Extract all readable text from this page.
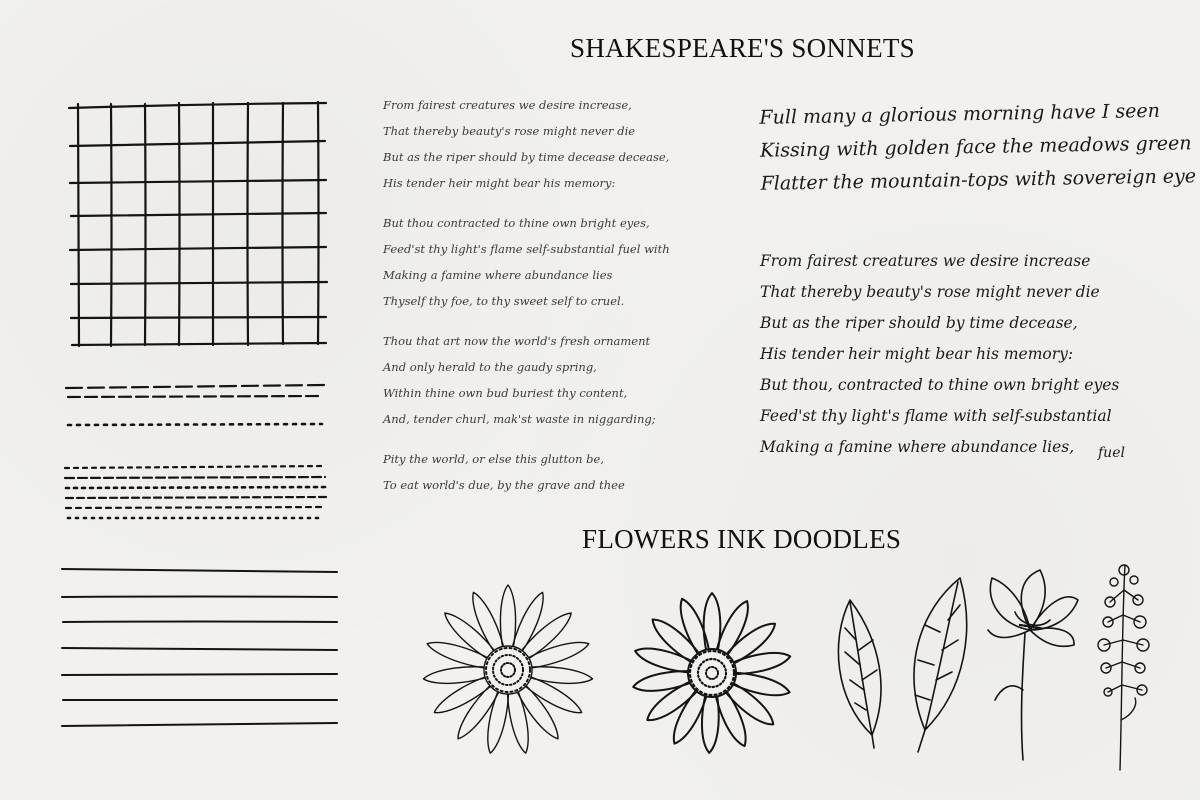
SHAKESPEARE'S SONNETS
FLOWERS INK DOODLES
From fairest creatures we desire increase,
That thereby beauty's rose might never die
But as the riper should by time decease decease,
His tender heir might bear his memory:
But thou contracted to thine own bright eyes,
Feed'st thy light's flame self-substantial fuel with
Making a famine where abundance lies
Thyself thy foe, to thy sweet self to cruel.
Thou that art now the world's fresh ornament
And only herald to the gaudy spring,
Within thine own bud buriest thy content,
And, tender churl, mak'st waste in niggarding;
Pity the world, or else this glutton be,
To eat world's due, by the grave and thee
Full many a glorious morning have I seen
Kissing with golden face the meadows green
Flatter the mountain-tops with sovereign eye
From fairest creatures we desire increase
That thereby beauty's rose might never die
But as the riper should by time decease,
His tender heir might bear his memory:
But thou, contracted to thine own bright eyes
Feed'st thy light's flame with self-substantial
Making a famine where abundance lies,	fuel
